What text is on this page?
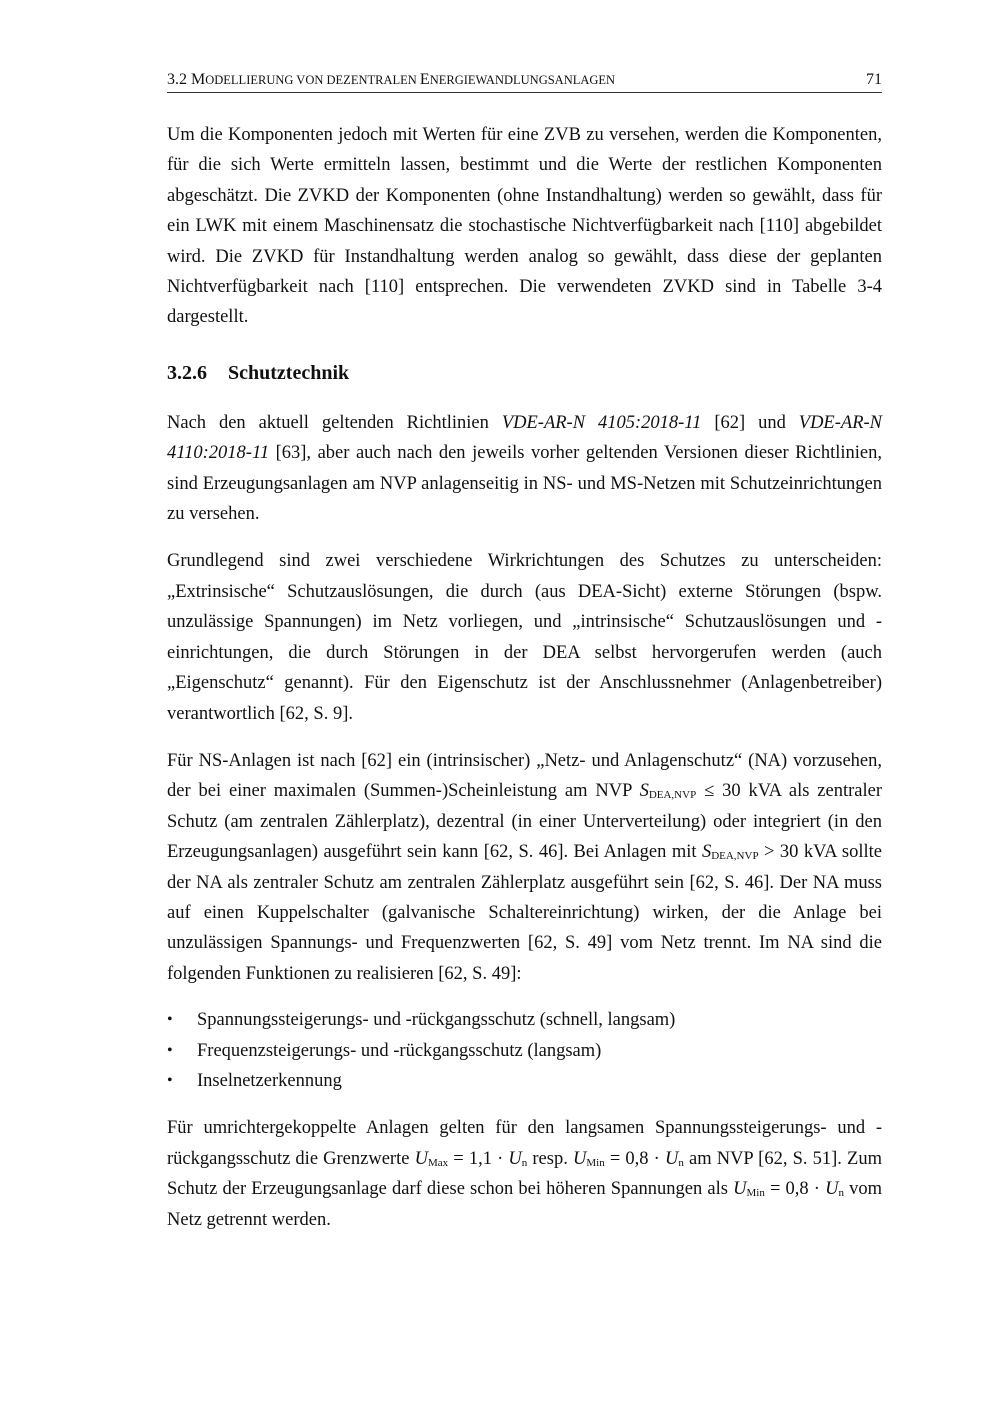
3.2 MODELLIERUNG VON DEZENTRALEN ENERGIEWANDLUNGSANLAGEN	71

Um die Komponenten jedoch mit Werten für eine ZVB zu versehen, werden die Komponenten, für die sich Werte ermitteln lassen, bestimmt und die Werte der restlichen Komponenten abgeschätzt. Die ZVKD der Komponenten (ohne Instandhaltung) werden so gewählt, dass für ein LWK mit einem Maschinensatz die stochastische Nichtverfügbarkeit nach [110] abgebildet wird. Die ZVKD für Instandhaltung werden analog so gewählt, dass diese der geplanten Nichtverfügbarkeit nach [110] entsprechen. Die verwendeten ZVKD sind in Tabelle 3-4 dargestellt.

3.2.6 Schutztechnik

Nach den aktuell geltenden Richtlinien VDE-AR-N 4105:2018-11 [62] und VDE-AR-N 4110:2018-11 [63], aber auch nach den jeweils vorher geltenden Versionen dieser Richtlinien, sind Erzeugungsanlagen am NVP anlagenseitig in NS- und MS-Netzen mit Schutzeinrichtungen zu versehen.

Grundlegend sind zwei verschiedene Wirkrichtungen des Schutzes zu unterscheiden: „Extrinsische“ Schutzauslösungen, die durch (aus DEA-Sicht) externe Störungen (bspw. unzulässige Spannungen) im Netz vorliegen, und „intrinsische“ Schutzauslösungen und -einrichtungen, die durch Störungen in der DEA selbst hervorgerufen werden (auch „Eigenschutz“ genannt). Für den Eigenschutz ist der Anschlussnehmer (Anlagenbetreiber) verantwortlich [62, S. 9].

Für NS-Anlagen ist nach [62] ein (intrinsischer) „Netz- und Anlagenschutz“ (NA) vorzusehen, der bei einer maximalen (Summen-)Scheinleistung am NVP $S_{DEA,NVP} \le 30$ kVA als zentraler Schutz (am zentralen Zählerplatz), dezentral (in einer Unterverteilung) oder integriert (in den Erzeugungsanlagen) ausgeführt sein kann [62, S. 46]. Bei Anlagen mit $S_{DEA,NVP} > 30$ kVA sollte der NA als zentraler Schutz am zentralen Zählerplatz ausgeführt sein [62, S. 46]. Der NA muss auf einen Kuppelschalter (galvanische Schaltereinrichtung) wirken, der die Anlage bei unzulässigen Spannungs- und Frequenzwerten [62, S. 49] vom Netz trennt. Im NA sind die folgenden Funktionen zu realisieren [62, S. 49]:

• Spannungssteigerungs- und -rückgangsschutz (schnell, langsam)
• Frequenzsteigerungs- und -rückgangsschutz (langsam)
• Inselnetzerkennung

Für umrichtergekoppelte Anlagen gelten für den langsamen Spannungssteigerungs- und -rückgangsschutz die Grenzwerte $U_{Max} = 1,1 \cdot U_n$ resp. $U_{Min} = 0,8 \cdot U_n$ am NVP [62, S. 51]. Zum Schutz der Erzeugungsanlage darf diese schon bei höheren Spannungen als $U_{Min} = 0,8 \cdot U_n$ vom Netz getrennt werden.
